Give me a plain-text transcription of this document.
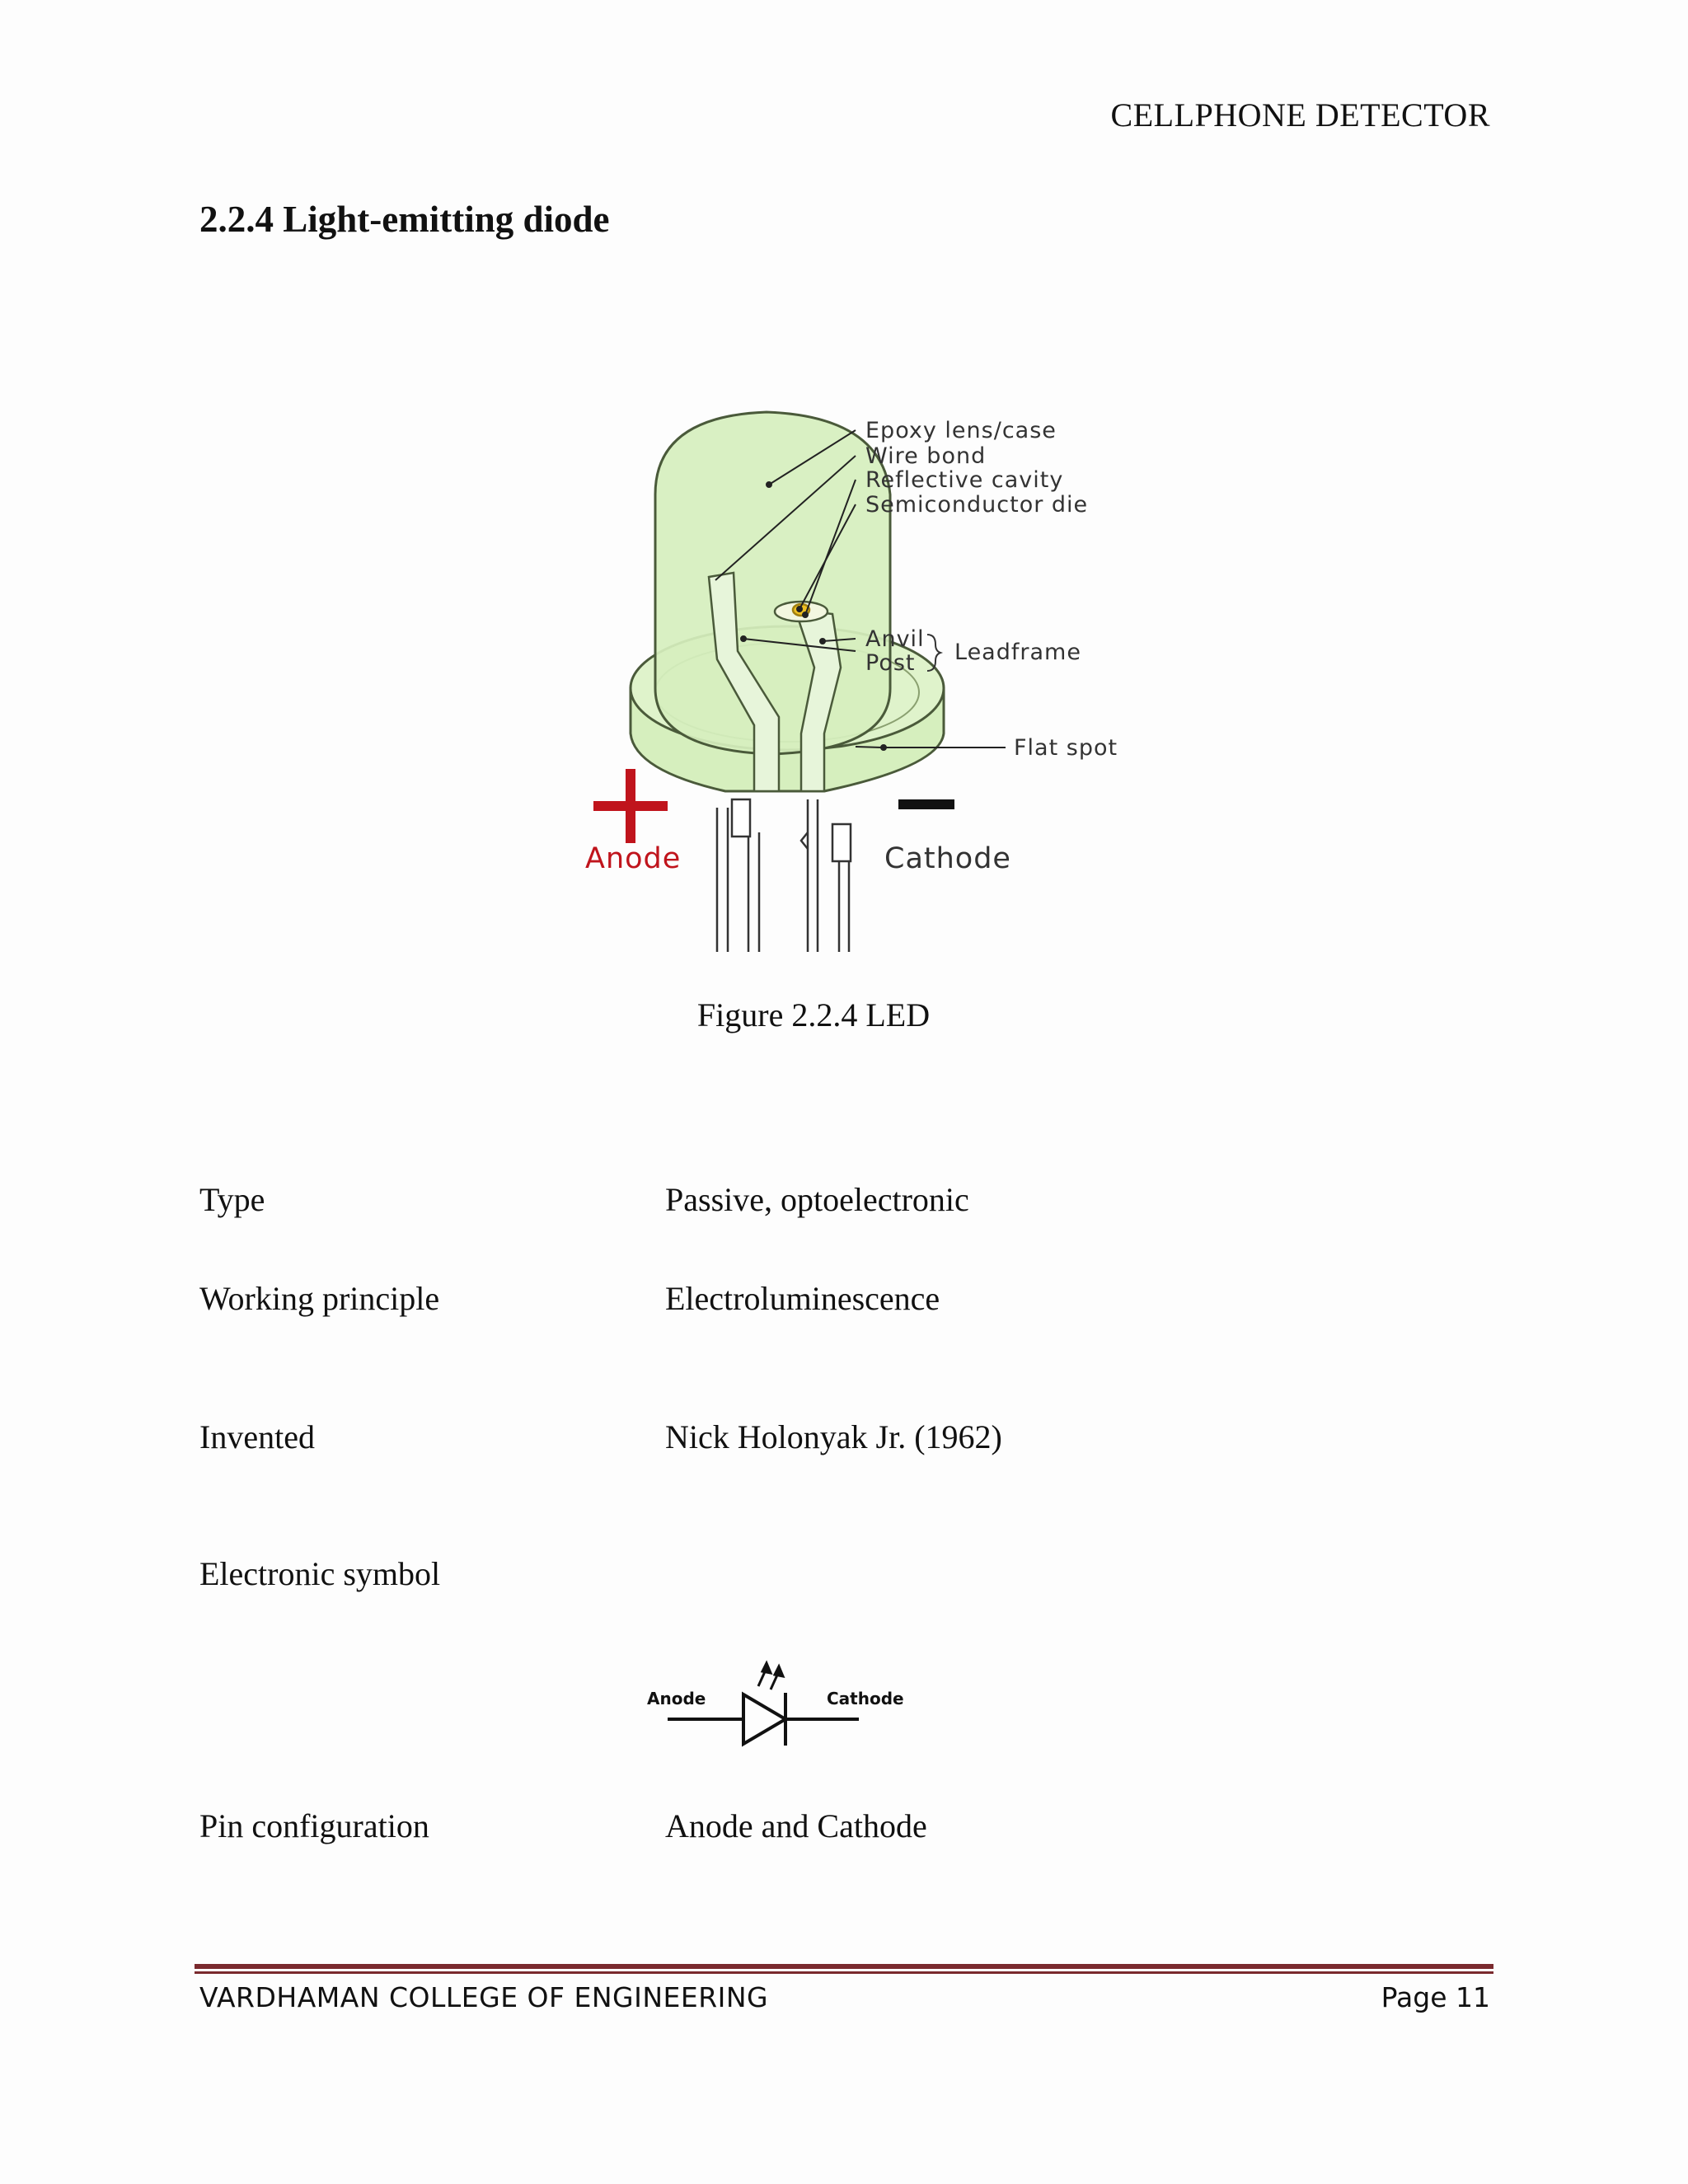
CELLPHONE DETECTOR
2.2.4 Light-emitting diode
Epoxy lens/case
Wire bond
Reflective cavity
Semiconductor die
Anvil
Post Leadframe
Flat spot
Anode	Cathode
Figure 2.2.4 LED
Type	Passive, optoelectronic
Working principle	Electroluminescence
Invented	Nick Holonyak Jr. (1962)
Electronic symbol
Anode	Cathode
Pin configuration	Anode and Cathode
VARDHAMAN COLLEGE OF ENGINEERING	Page 11
